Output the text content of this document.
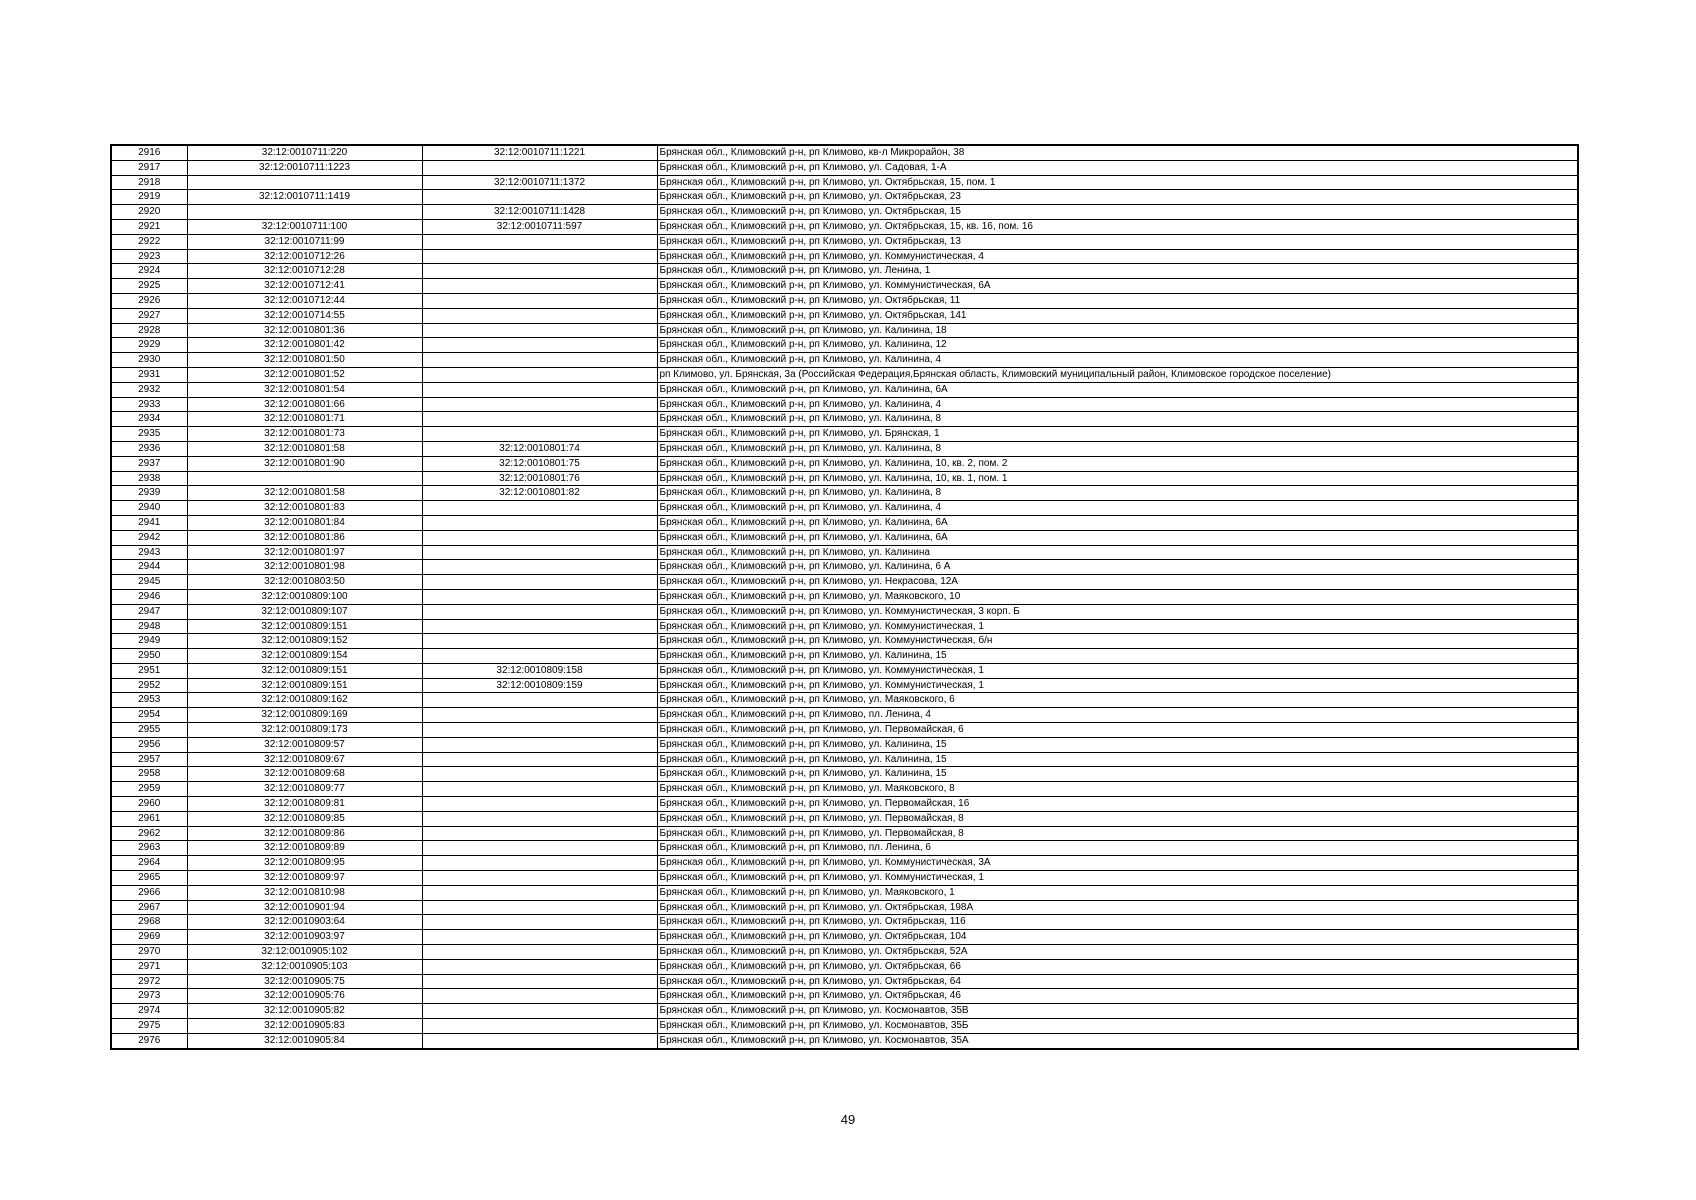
2916	32:12:0010711:220	32:12:0010711:1221	Брянская обл., Климовский р-н, рп Климово, кв-л Микрорайон, 38
2917	32:12:0010711:1223		Брянская обл., Климовский р-н, рп Климово, ул. Садовая, 1-А
2918		32:12:0010711:1372	Брянская обл., Климовский р-н, рп Климово, ул. Октябрьская, 15, пом. 1
2919	32:12:0010711:1419		Брянская обл., Климовский р-н, рп Климово, ул. Октябрьская, 23
2920		32:12:0010711:1428	Брянская обл., Климовский р-н, рп Климово, ул. Октябрьская, 15
2921	32:12:0010711:100	32:12:0010711:597	Брянская обл., Климовский р-н, рп Климово, ул. Октябрьская, 15, кв. 16, пом. 16
2922	32:12:0010711:99		Брянская обл., Климовский р-н, рп Климово, ул. Октябрьская, 13
2923	32:12:0010712:26		Брянская обл., Климовский р-н, рп Климово, ул. Коммунистическая, 4
2924	32:12:0010712:28		Брянская обл., Климовский р-н, рп Климово, ул. Ленина, 1
2925	32:12:0010712:41		Брянская обл., Климовский р-н, рп Климово, ул. Коммунистическая, 6А
2926	32:12:0010712:44		Брянская обл., Климовский р-н, рп Климово, ул. Октябрьская, 11
2927	32:12:0010714:55		Брянская обл., Климовский р-н, рп Климово, ул. Октябрьская, 141
2928	32:12:0010801:36		Брянская обл., Климовский р-н, рп Климово, ул. Калинина, 18
2929	32:12:0010801:42		Брянская обл., Климовский р-н, рп Климово, ул. Калинина, 12
2930	32:12:0010801:50		Брянская обл., Климовский р-н, рп Климово, ул. Калинина, 4
2931	32:12:0010801:52		рп Климово, ул. Брянская, 3а (Российская Федерация,Брянская область, Климовский муниципальный район, Климовское городское поселение)
2932	32:12:0010801:54		Брянская обл., Климовский р-н, рп Климово, ул. Калинина, 6А
2933	32:12:0010801:66		Брянская обл., Климовский р-н, рп Климово, ул. Калинина, 4
2934	32:12:0010801:71		Брянская обл., Климовский р-н, рп Климово, ул. Калинина, 8
2935	32:12:0010801:73		Брянская обл., Климовский р-н, рп Климово, ул. Брянская, 1
2936	32:12:0010801:58	32:12:0010801:74	Брянская обл., Климовский р-н, рп Климово, ул. Калинина, 8
2937	32:12:0010801:90	32:12:0010801:75	Брянская обл., Климовский р-н, рп Климово, ул. Калинина, 10, кв. 2, пом. 2
2938		32:12:0010801:76	Брянская обл., Климовский р-н, рп Климово, ул. Калинина, 10, кв. 1, пом. 1
2939	32:12:0010801:58	32:12:0010801:82	Брянская обл., Климовский р-н, рп Климово, ул. Калинина, 8
2940	32:12:0010801:83		Брянская обл., Климовский р-н, рп Климово, ул. Калинина, 4
2941	32:12:0010801:84		Брянская обл., Климовский р-н, рп Климово, ул. Калинина, 6А
2942	32:12:0010801:86		Брянская обл., Климовский р-н, рп Климово, ул. Калинина, 6А
2943	32:12:0010801:97		Брянская обл., Климовский р-н, рп Климово, ул. Калинина
2944	32:12:0010801:98		Брянская обл., Климовский р-н, рп Климово, ул. Калинина, 6 А
2945	32:12:0010803:50		Брянская обл., Климовский р-н, рп Климово, ул. Некрасова, 12А
2946	32:12:0010809:100		Брянская обл., Климовский р-н, рп Климово, ул. Маяковского, 10
2947	32:12:0010809:107		Брянская обл., Климовский р-н, рп Климово, ул. Коммунистическая, 3 корп. Б
2948	32:12:0010809:151		Брянская обл., Климовский р-н, рп Климово, ул. Коммунистическая, 1
2949	32:12:0010809:152		Брянская обл., Климовский р-н, рп Климово, ул. Коммунистическая, б/н
2950	32:12:0010809:154		Брянская обл., Климовский р-н, рп Климово, ул. Калинина, 15
2951	32:12:0010809:151	32:12:0010809:158	Брянская обл., Климовский р-н, рп Климово, ул. Коммунистическая, 1
2952	32:12:0010809:151	32:12:0010809:159	Брянская обл., Климовский р-н, рп Климово, ул. Коммунистическая, 1
2953	32:12:0010809:162		Брянская обл., Климовский р-н, рп Климово, ул. Маяковского, 6
2954	32:12:0010809:169		Брянская обл., Климовский р-н, рп Климово, пл. Ленина, 4
2955	32:12:0010809:173		Брянская обл., Климовский р-н, рп Климово, ул. Первомайская, 6
2956	32:12:0010809:57		Брянская обл., Климовский р-н, рп Климово, ул. Калинина, 15
2957	32:12:0010809:67		Брянская обл., Климовский р-н, рп Климово, ул. Калинина, 15
2958	32:12:0010809:68		Брянская обл., Климовский р-н, рп Климово, ул. Калинина, 15
2959	32:12:0010809:77		Брянская обл., Климовский р-н, рп Климово, ул. Маяковского, 8
2960	32:12:0010809:81		Брянская обл., Климовский р-н, рп Климово, ул. Первомайская, 16
2961	32:12:0010809:85		Брянская обл., Климовский р-н, рп Климово, ул. Первомайская, 8
2962	32:12:0010809:86		Брянская обл., Климовский р-н, рп Климово, ул. Первомайская, 8
2963	32:12:0010809:89		Брянская обл., Климовский р-н, рп Климово, пл. Ленина, 6
2964	32:12:0010809:95		Брянская обл., Климовский р-н, рп Климово, ул. Коммунистическая, 3А
2965	32:12:0010809:97		Брянская обл., Климовский р-н, рп Климово, ул. Коммунистическая, 1
2966	32:12:0010810:98		Брянская обл., Климовский р-н, рп Климово, ул. Маяковского, 1
2967	32:12:0010901:94		Брянская обл., Климовский р-н, рп Климово, ул. Октябрьская, 198А
2968	32:12:0010903:64		Брянская обл., Климовский р-н, рп Климово, ул. Октябрьская, 116
2969	32:12:0010903:97		Брянская обл., Климовский р-н, рп Климово, ул. Октябрьская, 104
2970	32:12:0010905:102		Брянская обл., Климовский р-н, рп Климово, ул. Октябрьская, 52А
2971	32:12:0010905:103		Брянская обл., Климовский р-н, рп Климово, ул. Октябрьская, 66
2972	32:12:0010905:75		Брянская обл., Климовский р-н, рп Климово, ул. Октябрьская, 64
2973	32:12:0010905:76		Брянская обл., Климовский р-н, рп Климово, ул. Октябрьская, 46
2974	32:12:0010905:82		Брянская обл., Климовский р-н, рп Климово, ул. Космонавтов, 35В
2975	32:12:0010905:83		Брянская обл., Климовский р-н, рп Климово, ул. Космонавтов, 35Б
2976	32:12:0010905:84		Брянская обл., Климовский р-н, рп Климово, ул. Космонавтов, 35А
49
